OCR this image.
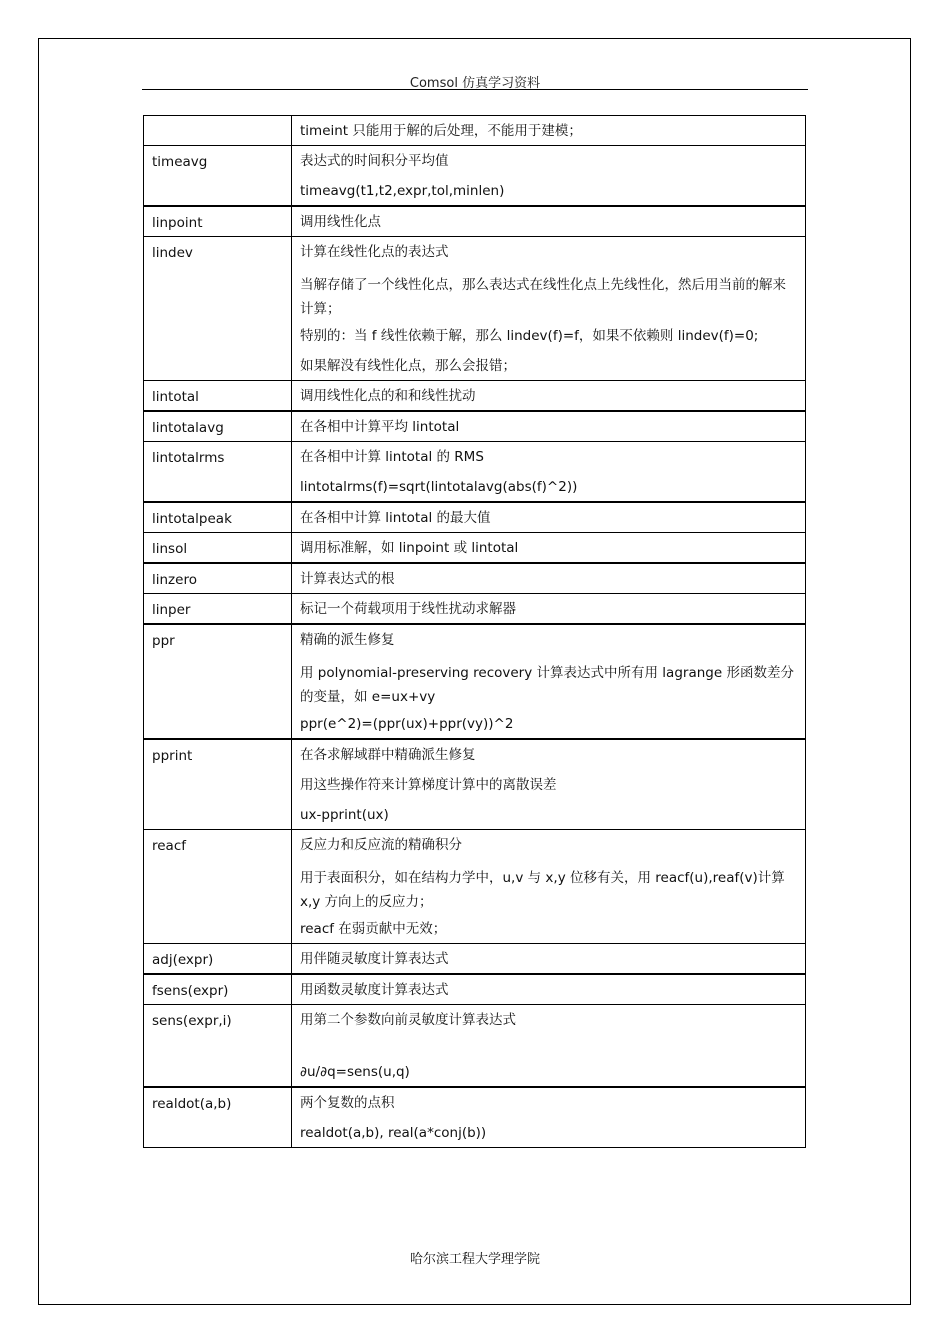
Comsol 仿真学习资料

	timeint 只能用于解的后处理，不能用于建模；

timeavg	表达式的时间积分平均值
timeavg(t1,t2,expr,tol,minlen)

linpoint	调用线性化点

lindev	计算在线性化点的表达式
当解存储了一个线性化点，那么表达式在线性化点上先线性化，然后用当前的解来计算；
特别的：当 f 线性依赖于解，那么 lindev(f)=f，如果不依赖则 lindev(f)=0;
如果解没有线性化点，那么会报错；

lintotal	调用线性化点的和和线性扰动

lintotalavg	在各相中计算平均 lintotal

lintotalrms	在各相中计算 lintotal 的 RMS
lintotalrms(f)=sqrt(lintotalavg(abs(f)^2))

lintotalpeak	在各相中计算 lintotal 的最大值

linsol	调用标准解，如 linpoint 或 lintotal

linzero	计算表达式的根

linper	标记一个荷载项用于线性扰动求解器

ppr	精确的派生修复
用 polynomial-preserving recovery 计算表达式中所有用 lagrange 形函数差分的变量，如 e=ux+vy
ppr(e^2)=(ppr(ux)+ppr(vy))^2

pprint	在各求解域群中精确派生修复
用这些操作符来计算梯度计算中的离散误差
ux-pprint(ux)

reacf	反应力和反应流的精确积分
用于表面积分，如在结构力学中，u,v 与 x,y 位移有关，用 reacf(u),reaf(v)计算 x,y 方向上的反应力；
reacf 在弱贡献中无效；

adj(expr)	用伴随灵敏度计算表达式

fsens(expr)	用函数灵敏度计算表达式

sens(expr,i)	用第二个参数向前灵敏度计算表达式
∂u/∂q=sens(u,q)

realdot(a,b)	两个复数的点积
realdot(a,b), real(a*conj(b))
哈尔滨工程大学理学院
